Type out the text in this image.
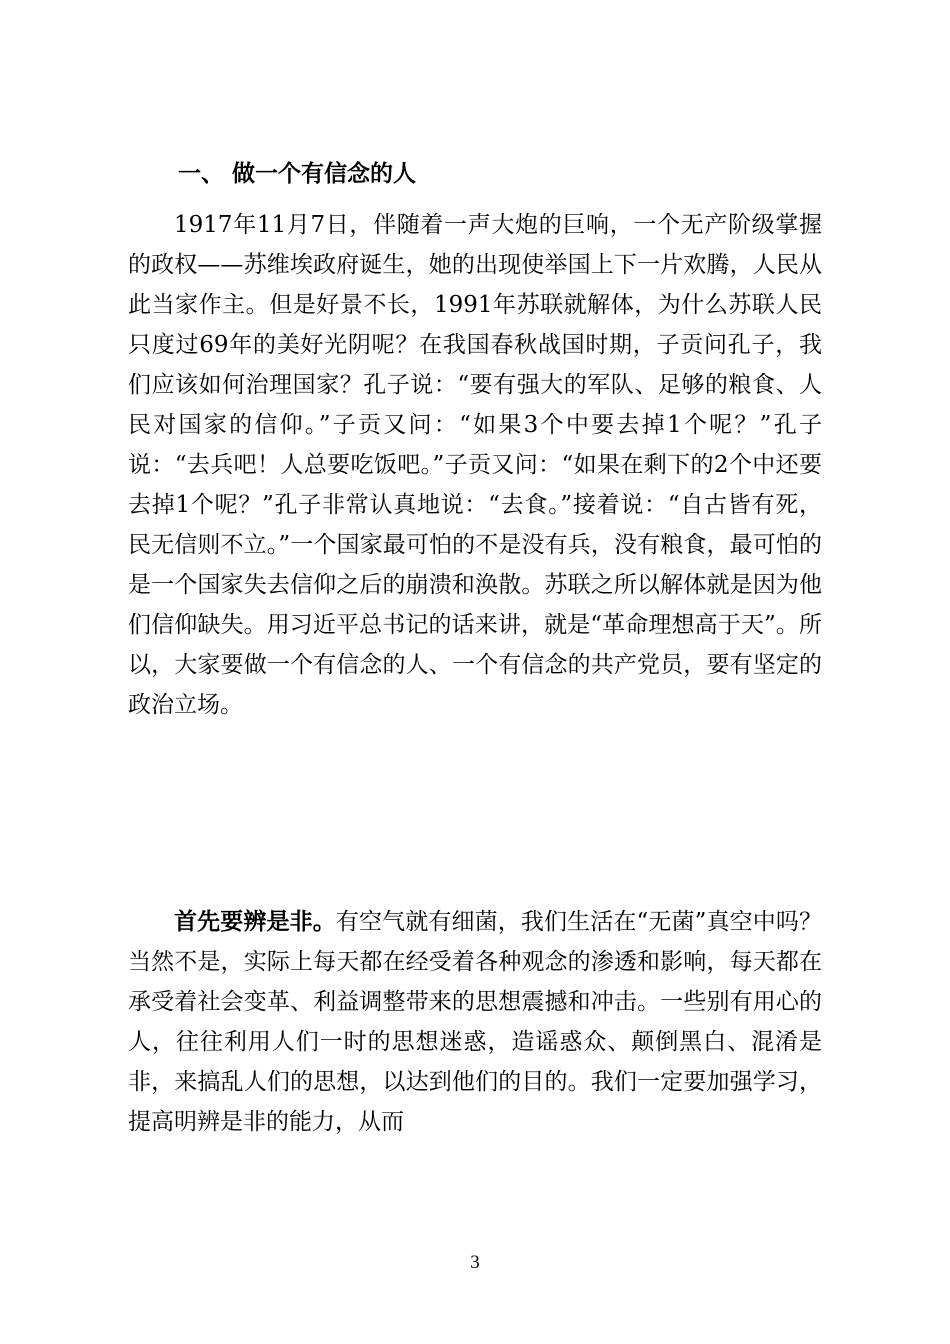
一、 做一个有信念的人

1917年11月7日，伴随着一声大炮的巨响，一个无产阶级掌握的政权——苏维埃政府诞生，她的出现使举国上下一片欢腾，人民从此当家作主。但是好景不长，1991年苏联就解体，为什么苏联人民只度过69年的美好光阴呢？在我国春秋战国时期，子贡问孔子，我们应该如何治理国家？孔子说：“要有强大的军队、足够的粮食、人民对国家的信仰。”子贡又问：“如果3个中要去掉1个呢？”孔子说：“去兵吧！人总要吃饭吧。”子贡又问：“如果在剩下的2个中还要去掉1个呢？”孔子非常认真地说：“去食。”接着说：“自古皆有死，民无信则不立。”一个国家最可怕的不是没有兵，没有粮食，最可怕的是一个国家失去信仰之后的崩溃和涣散。苏联之所以解体就是因为他们信仰缺失。用习近平总书记的话来讲，就是“革命理想高于天”。所以，大家要做一个有信念的人、一个有信念的共产党员，要有坚定的政治立场。

首先要辨是非。有空气就有细菌，我们生活在“无菌”真空中吗？当然不是，实际上每天都在经受着各种观念的渗透和影响，每天都在承受着社会变革、利益调整带来的思想震撼和冲击。一些别有用心的人，往往利用人们一时的思想迷惑，造谣惑众、颠倒黑白、混淆是非，来搞乱人们的思想，以达到他们的目的。我们一定要加强学习，提高明辨是非的能力，从而

3
